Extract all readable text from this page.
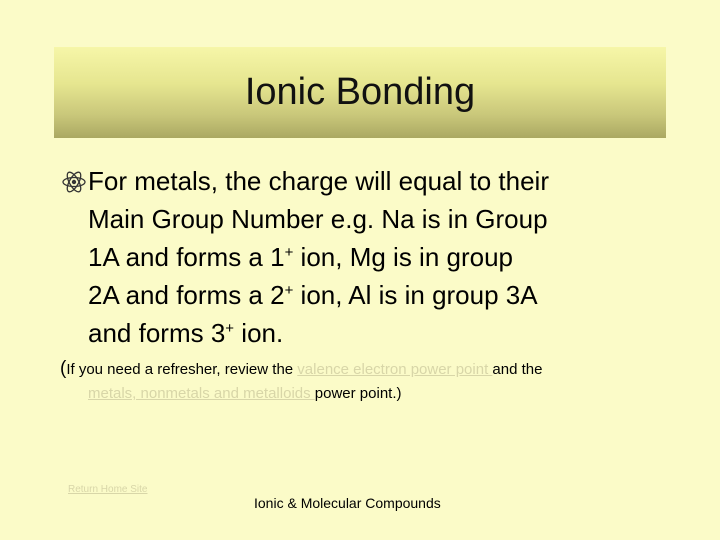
Ionic Bonding
For metals, the charge will equal to their
Main Group Number e.g. Na is in Group
1A and forms a 1+ ion, Mg is in group
2A and forms a 2+ ion, Al is in group 3A
and forms 3+ ion.
(If you need a refresher, review the valence electron power point and the
metals, nonmetals and metalloids power point.)
Return Home Site
Ionic & Molecular Compounds
